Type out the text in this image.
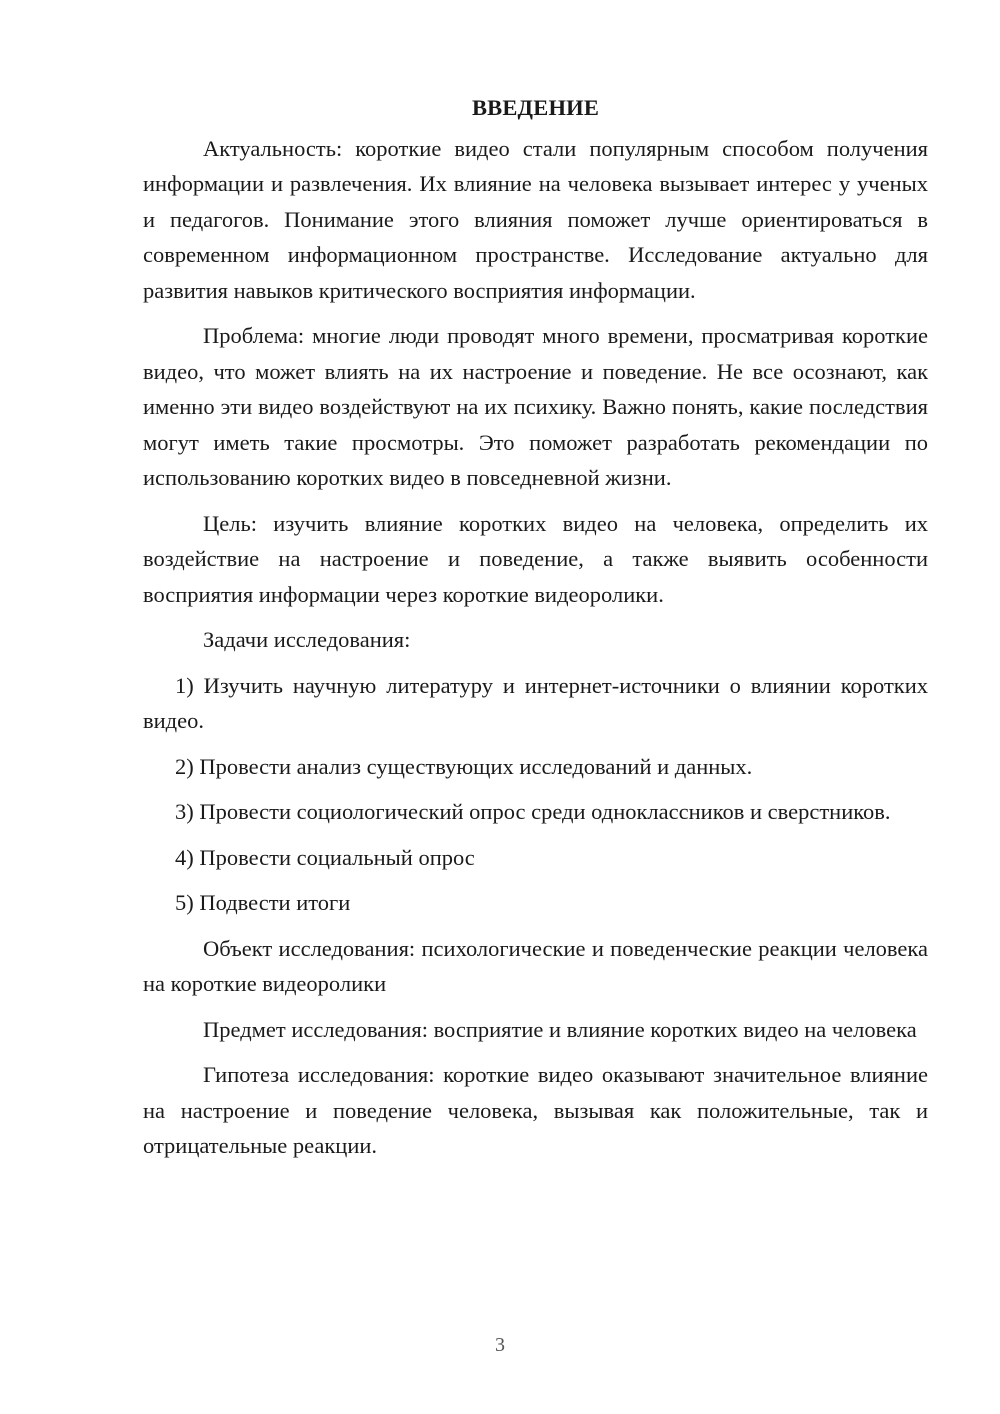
ВВЕДЕНИЕ

Актуальность: короткие видео стали популярным способом получения информации и развлечения. Их влияние на человека вызывает интерес у ученых и педагогов. Понимание этого влияния поможет лучше ориентироваться в современном информационном пространстве. Исследование актуально для развития навыков критического восприятия информации.

Проблема: многие люди проводят много времени, просматривая короткие видео, что может влиять на их настроение и поведение. Не все осознают, как именно эти видео воздействуют на их психику. Важно понять, какие последствия могут иметь такие просмотры. Это поможет разработать рекомендации по использованию коротких видео в повседневной жизни.

Цель: изучить влияние коротких видео на человека, определить их воздействие на настроение и поведение, а также выявить особенности восприятия информации через короткие видеоролики.

Задачи исследования:

1) Изучить научную литературу и интернет-источники о влиянии коротких видео.

2) Провести анализ существующих исследований и данных.

3) Провести социологический опрос среди одноклассников и сверстников.

4) Провести социальный опрос

5) Подвести итоги

Объект исследования: психологические и поведенческие реакции человека на короткие видеоролики

Предмет исследования: восприятие и влияние коротких видео на человека

Гипотеза исследования: короткие видео оказывают значительное влияние на настроение и поведение человека, вызывая как положительные, так и отрицательные реакции.

3
